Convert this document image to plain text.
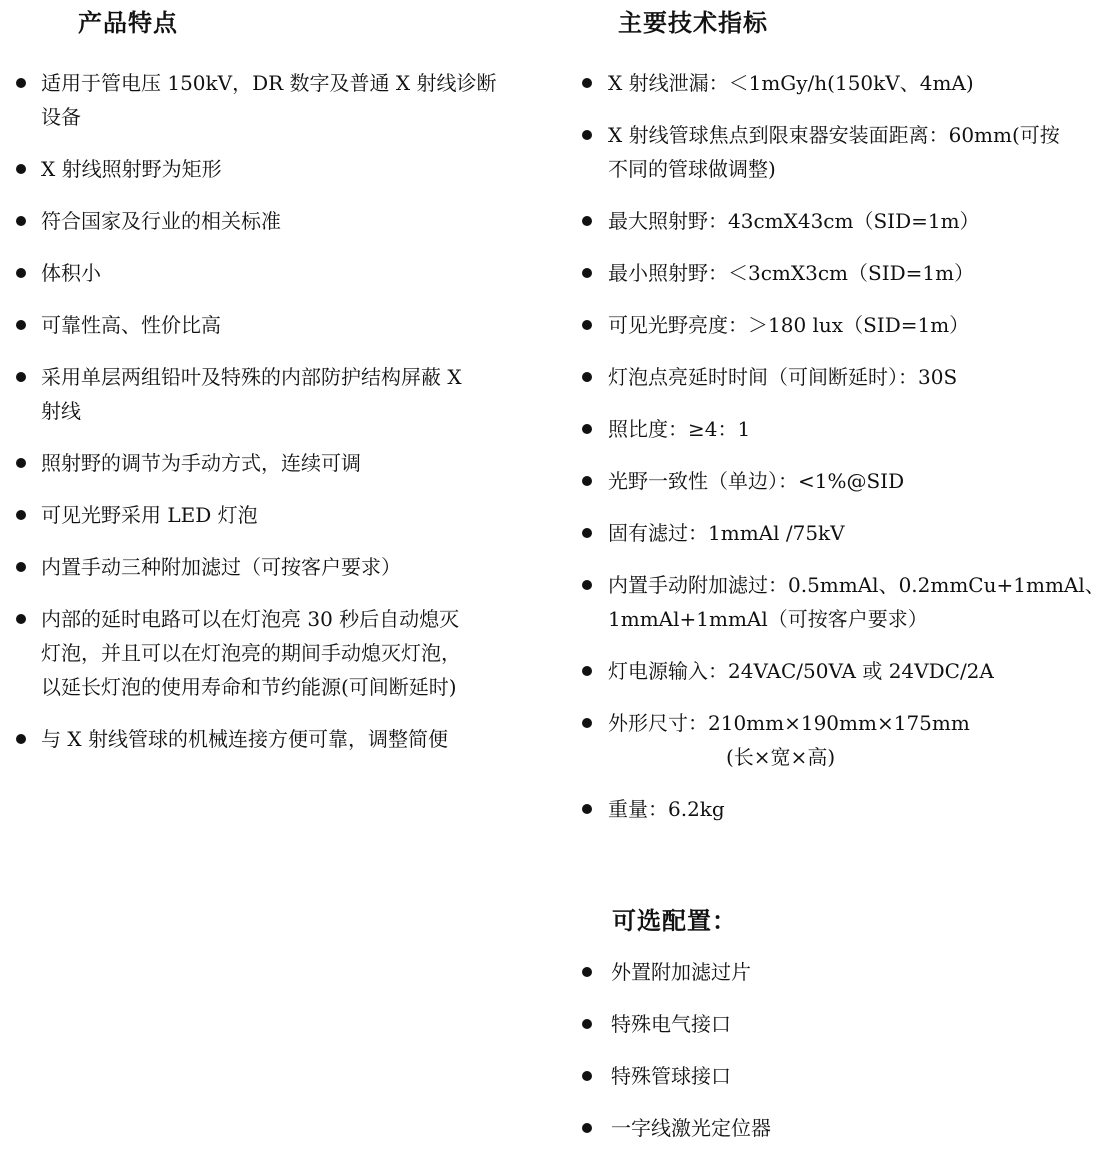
产品特点	主要技术指标
可选配置：
适用于管电压 150kV，DR 数字及普通 X 射线诊断
设备
X 射线照射野为矩形
符合国家及行业的相关标准
体积小
可靠性高、性价比高
采用单层两组铅叶及特殊的内部防护结构屏蔽 X
射线
照射野的调节为手动方式，连续可调
可见光野采用 LED 灯泡
内置手动三种附加滤过（可按客户要求）
内部的延时电路可以在灯泡亮 30 秒后自动熄灭
灯泡，并且可以在灯泡亮的期间手动熄灭灯泡，
以延长灯泡的使用寿命和节约能源(可间断延时)
与 X 射线管球的机械连接方便可靠，调整简便
X 射线泄漏：＜1mGy/h(150kV、4mA)
X 射线管球焦点到限束器安装面距离：60mm(可按
不同的管球做调整)
最大照射野：43cmX43cm（SID=1m）
最小照射野：＜3cmX3cm（SID=1m）
可见光野亮度：＞180 lux（SID=1m）
灯泡点亮延时时间（可间断延时）：30S
照比度：≥4：1
光野一致性（单边）：<1%@SID
固有滤过：1mmAl /75kV
内置手动附加滤过：0.5mmAl、0.2mmCu+1mmAl、
1mmAl+1mmAl（可按客户要求）
灯电源输入：24VAC/50VA 或 24VDC/2A
外形尺寸：210mm×190mm×175mm
(长×宽×高)
重量：6.2kg
外置附加滤过片
特殊电气接口
特殊管球接口
一字线激光定位器
